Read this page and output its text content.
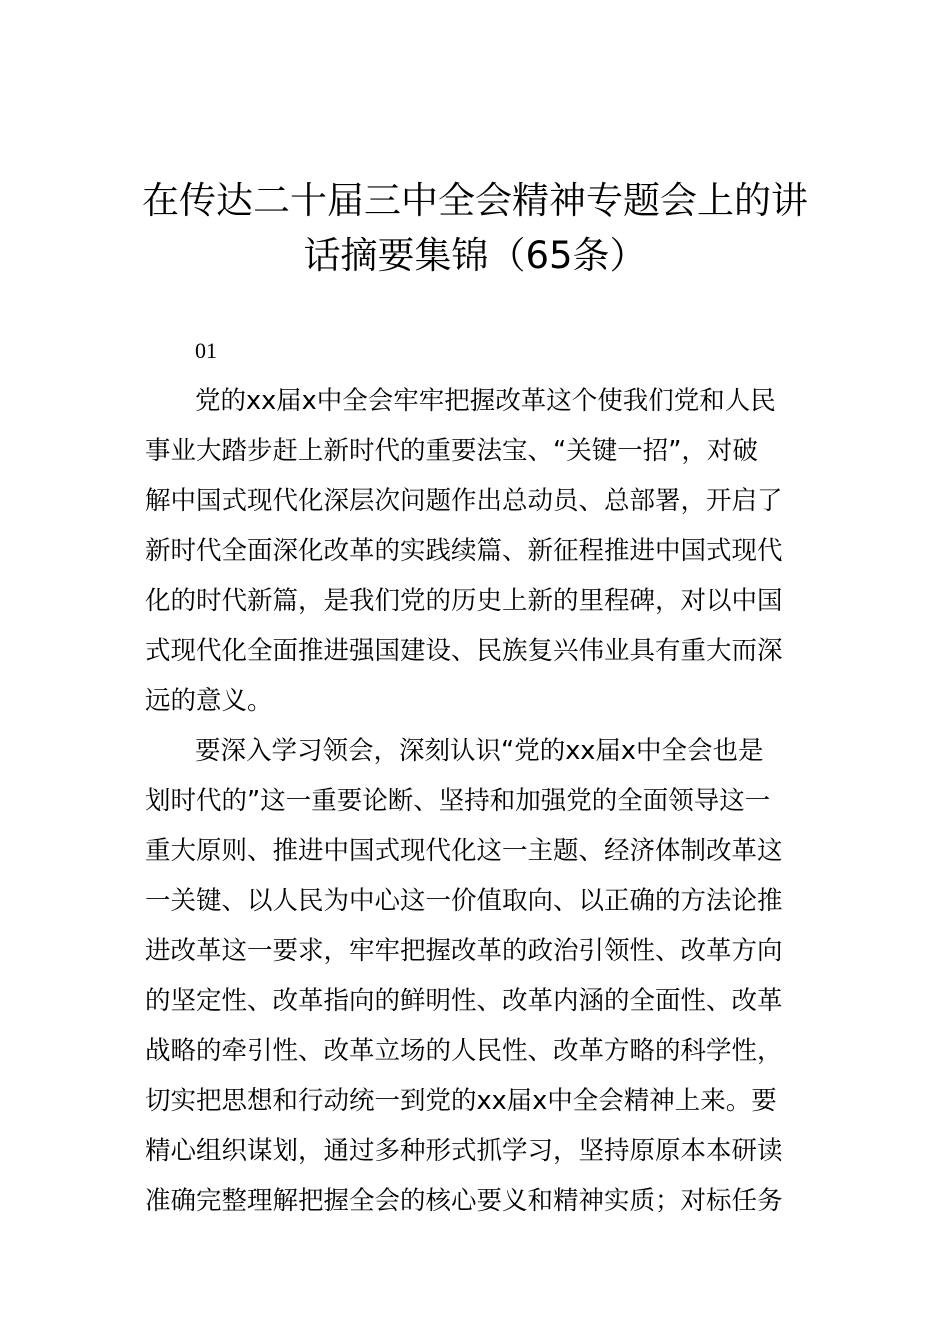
在传达二十届三中全会精神专题会上的讲
话摘要集锦（65条）
01

党的xx届x中全会牢牢把握改革这个使我们党和人民
事业大踏步赶上新时代的重要法宝、“关键一招”，对破
解中国式现代化深层次问题作出总动员、总部署，开启了
新时代全面深化改革的实践续篇、新征程推进中国式现代
化的时代新篇，是我们党的历史上新的里程碑，对以中国
式现代化全面推进强国建设、民族复兴伟业具有重大而深
远的意义。

要深入学习领会，深刻认识“党的xx届x中全会也是
划时代的”这一重要论断、坚持和加强党的全面领导这一
重大原则、推进中国式现代化这一主题、经济体制改革这
一关键、以人民为中心这一价值取向、以正确的方法论推
进改革这一要求，牢牢把握改革的政治引领性、改革方向
的坚定性、改革指向的鲜明性、改革内涵的全面性、改革
战略的牵引性、改革立场的人民性、改革方略的科学性，
切实把思想和行动统一到党的xx届x中全会精神上来。要
精心组织谋划，通过多种形式抓学习，坚持原原本本研读
准确完整理解把握全会的核心要义和精神实质；对标任务
